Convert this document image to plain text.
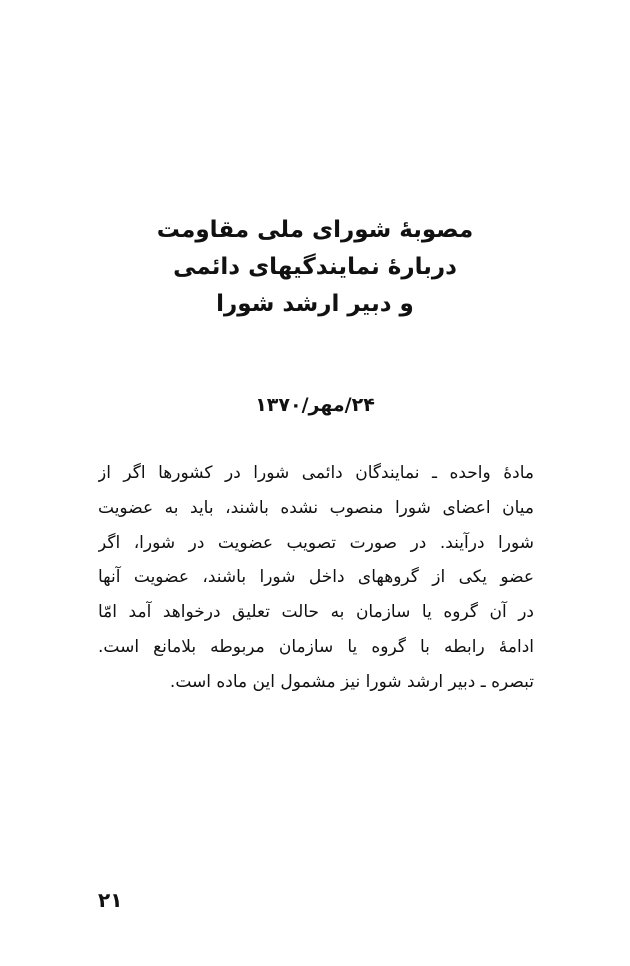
مصوبهٔ شورای ملی مقاومت

دربارهٔ نمایندگیهای دائمی

و دبیر ارشد شورا

۲۴/مهر/۱۳۷۰
مادهٔ واحده ـ نمایندگان دائمی شورا در کشورها اگر از
میان اعضای شورا منصوب نشده باشند، باید به عضویت
شورا درآیند. در صورت تصویب عضویت در شورا، اگر
عضو یکی از گروههای داخل شورا باشند، عضویت آنها
در آن گروه یا سازمان به حالت تعلیق درخواهد آمد امّا
ادامهٔ رابطه با گروه یا سازمان مربوطه بلامانع است.
تبصره ـ دبیر ارشد شورا نیز مشمول این ماده است.
۲۱
